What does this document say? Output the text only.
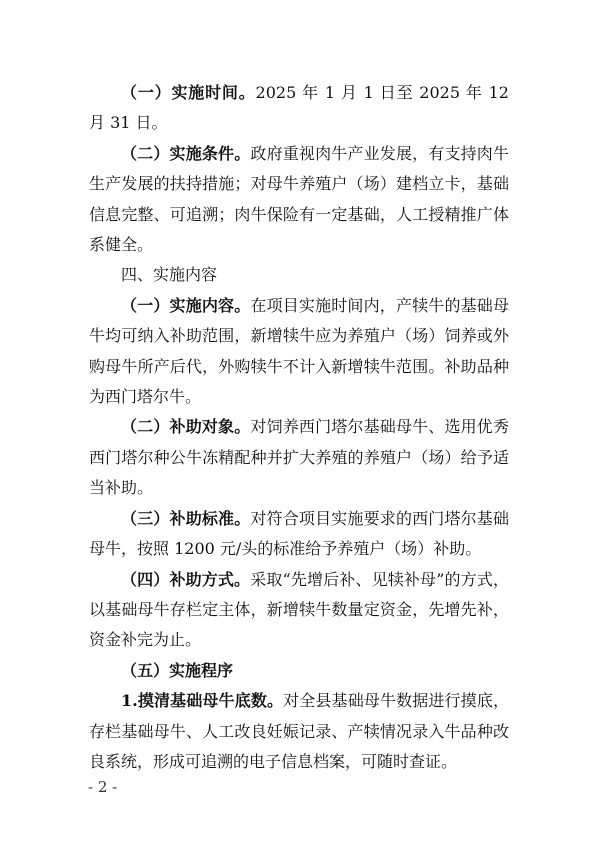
（一）实施时间。2025 年 1 月 1 日至 2025 年 12 月 31 日。

（二）实施条件。政府重视肉牛产业发展，有支持肉牛生产发展的扶持措施；对母牛养殖户（场）建档立卡，基础信息完整、可追溯；肉牛保险有一定基础，人工授精推广体系健全。

四、实施内容

（一）实施内容。在项目实施时间内，产犊牛的基础母牛均可纳入补助范围，新增犊牛应为养殖户（场）饲养或外购母牛所产后代，外购犊牛不计入新增犊牛范围。补助品种为西门塔尔牛。

（二）补助对象。对饲养西门塔尔基础母牛、选用优秀西门塔尔种公牛冻精配种并扩大养殖的养殖户（场）给予适当补助。

（三）补助标准。对符合项目实施要求的西门塔尔基础母牛，按照 1200 元/头的标准给予养殖户（场）补助。

（四）补助方式。采取“先增后补、见犊补母”的方式，以基础母牛存栏定主体，新增犊牛数量定资金，先增先补，资金补完为止。

（五）实施程序

1.摸清基础母牛底数。对全县基础母牛数据进行摸底，存栏基础母牛、人工改良妊娠记录、产犊情况录入牛品种改良系统，形成可追溯的电子信息档案，可随时查证。

- 2 -
